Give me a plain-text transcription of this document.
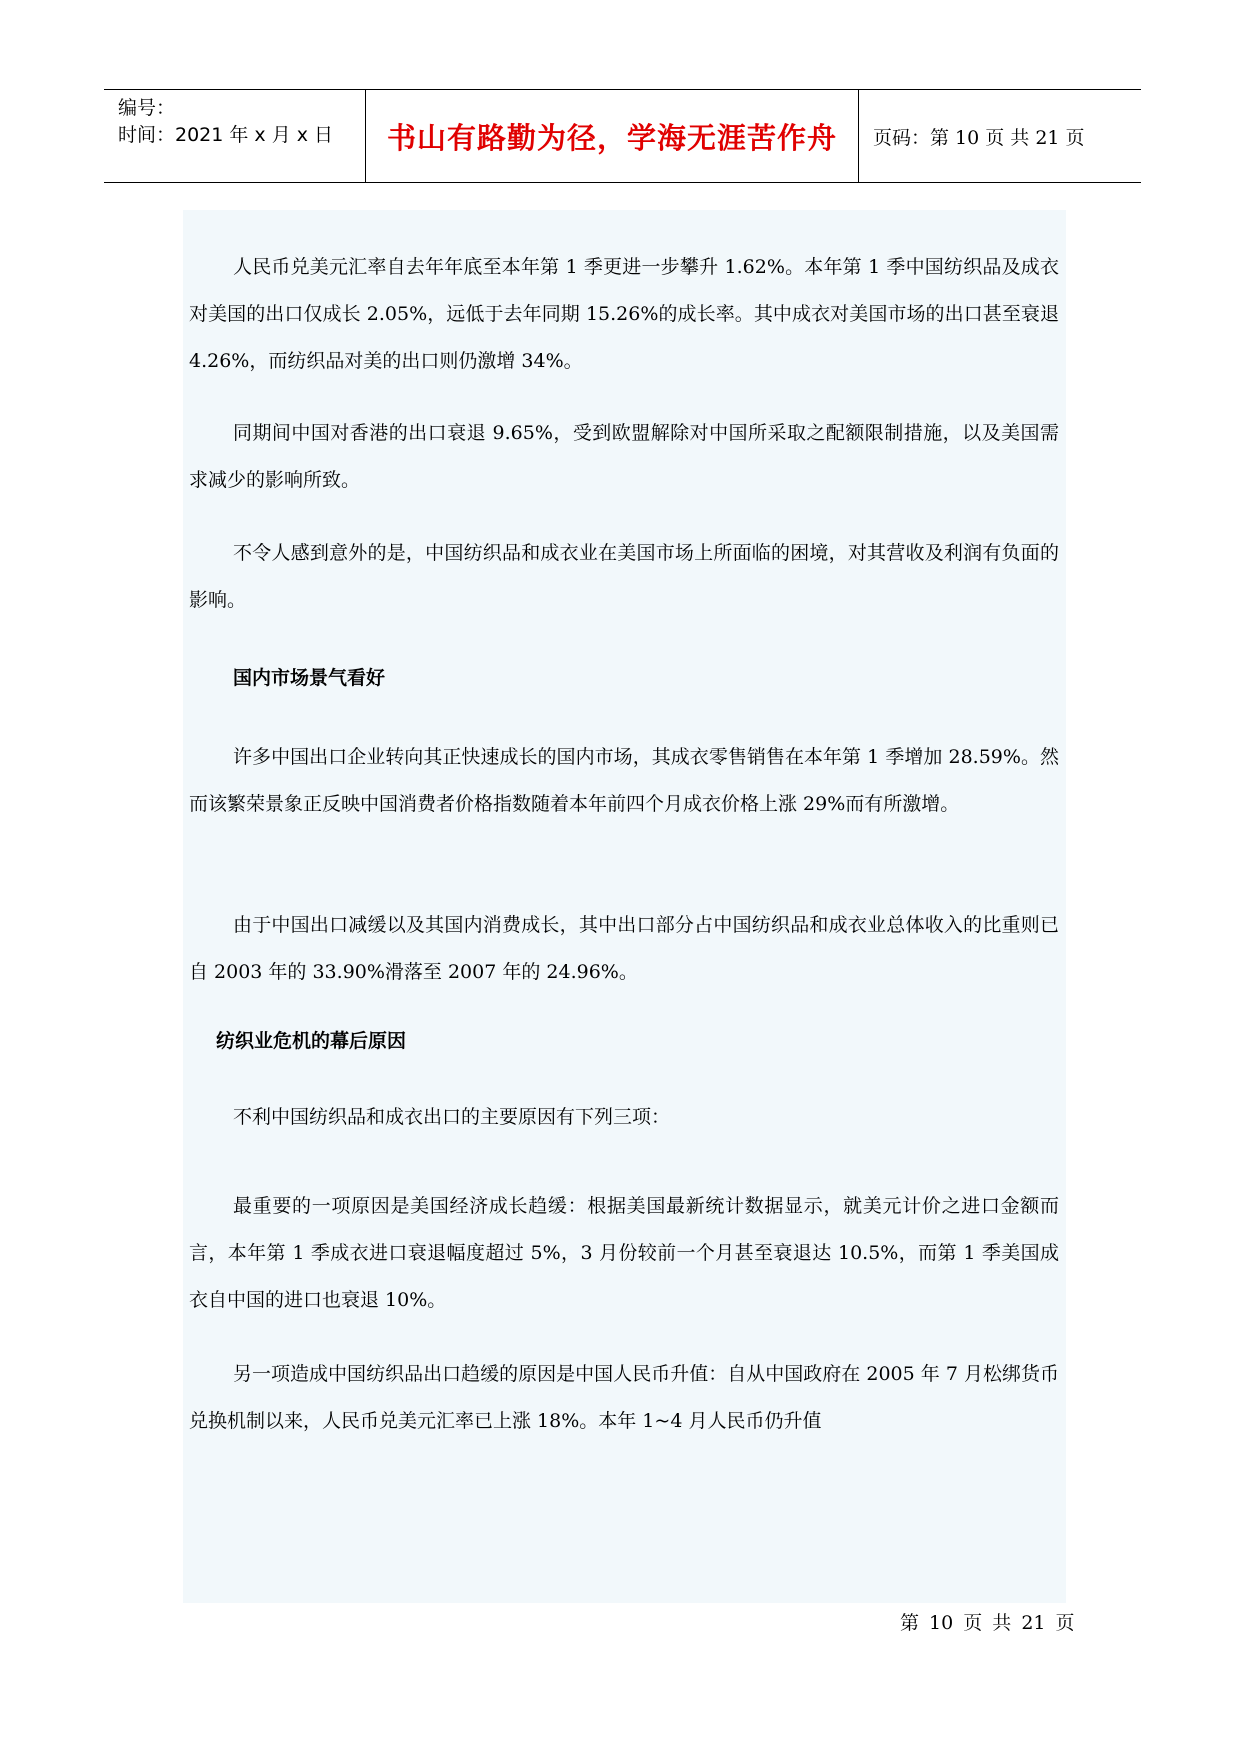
编号：
时间：2021 年 x 月 x 日 书山有路勤为径，学海无涯苦作舟 页码：第 10 页 共 21 页
人民币兑美元汇率自去年年底至本年第 1 季更进一步攀升 1.62%。本年第 1 季中国纺织品及成衣对美国的出口仅成长 2.05%，远低于去年同期 15.26%的成长率。其中成衣对美国市场的出口甚至衰退 4.26%，而纺织品对美的出口则仍激增 34%。
同期间中国对香港的出口衰退 9.65%，受到欧盟解除对中国所采取之配额限制措施，以及美国需求减少的影响所致。
不令人感到意外的是，中国纺织品和成衣业在美国市场上所面临的困境，对其营收及利润有负面的影响。
国内市场景气看好
许多中国出口企业转向其正快速成长的国内市场，其成衣零售销售在本年第 1 季增加 28.59%。然而该繁荣景象正反映中国消费者价格指数随着本年前四个月成衣价格上涨 29%而有所激增。
由于中国出口减缓以及其国内消费成长，其中出口部分占中国纺织品和成衣业总体收入的比重则已自 2003 年的 33.90%滑落至 2007 年的 24.96%。
纺织业危机的幕后原因
不利中国纺织品和成衣出口的主要原因有下列三项：
最重要的一项原因是美国经济成长趋缓：根据美国最新统计数据显示，就美元计价之进口金额而言，本年第 1 季成衣进口衰退幅度超过 5%，3 月份较前一个月甚至衰退达 10.5%，而第 1 季美国成衣自中国的进口也衰退 10%。
另一项造成中国纺织品出口趋缓的原因是中国人民币升值：自从中国政府在 2005 年 7 月松绑货币兑换机制以来，人民币兑美元汇率已上涨 18%。本年 1~4 月人民币仍升值
第 10 页 共 21 页
